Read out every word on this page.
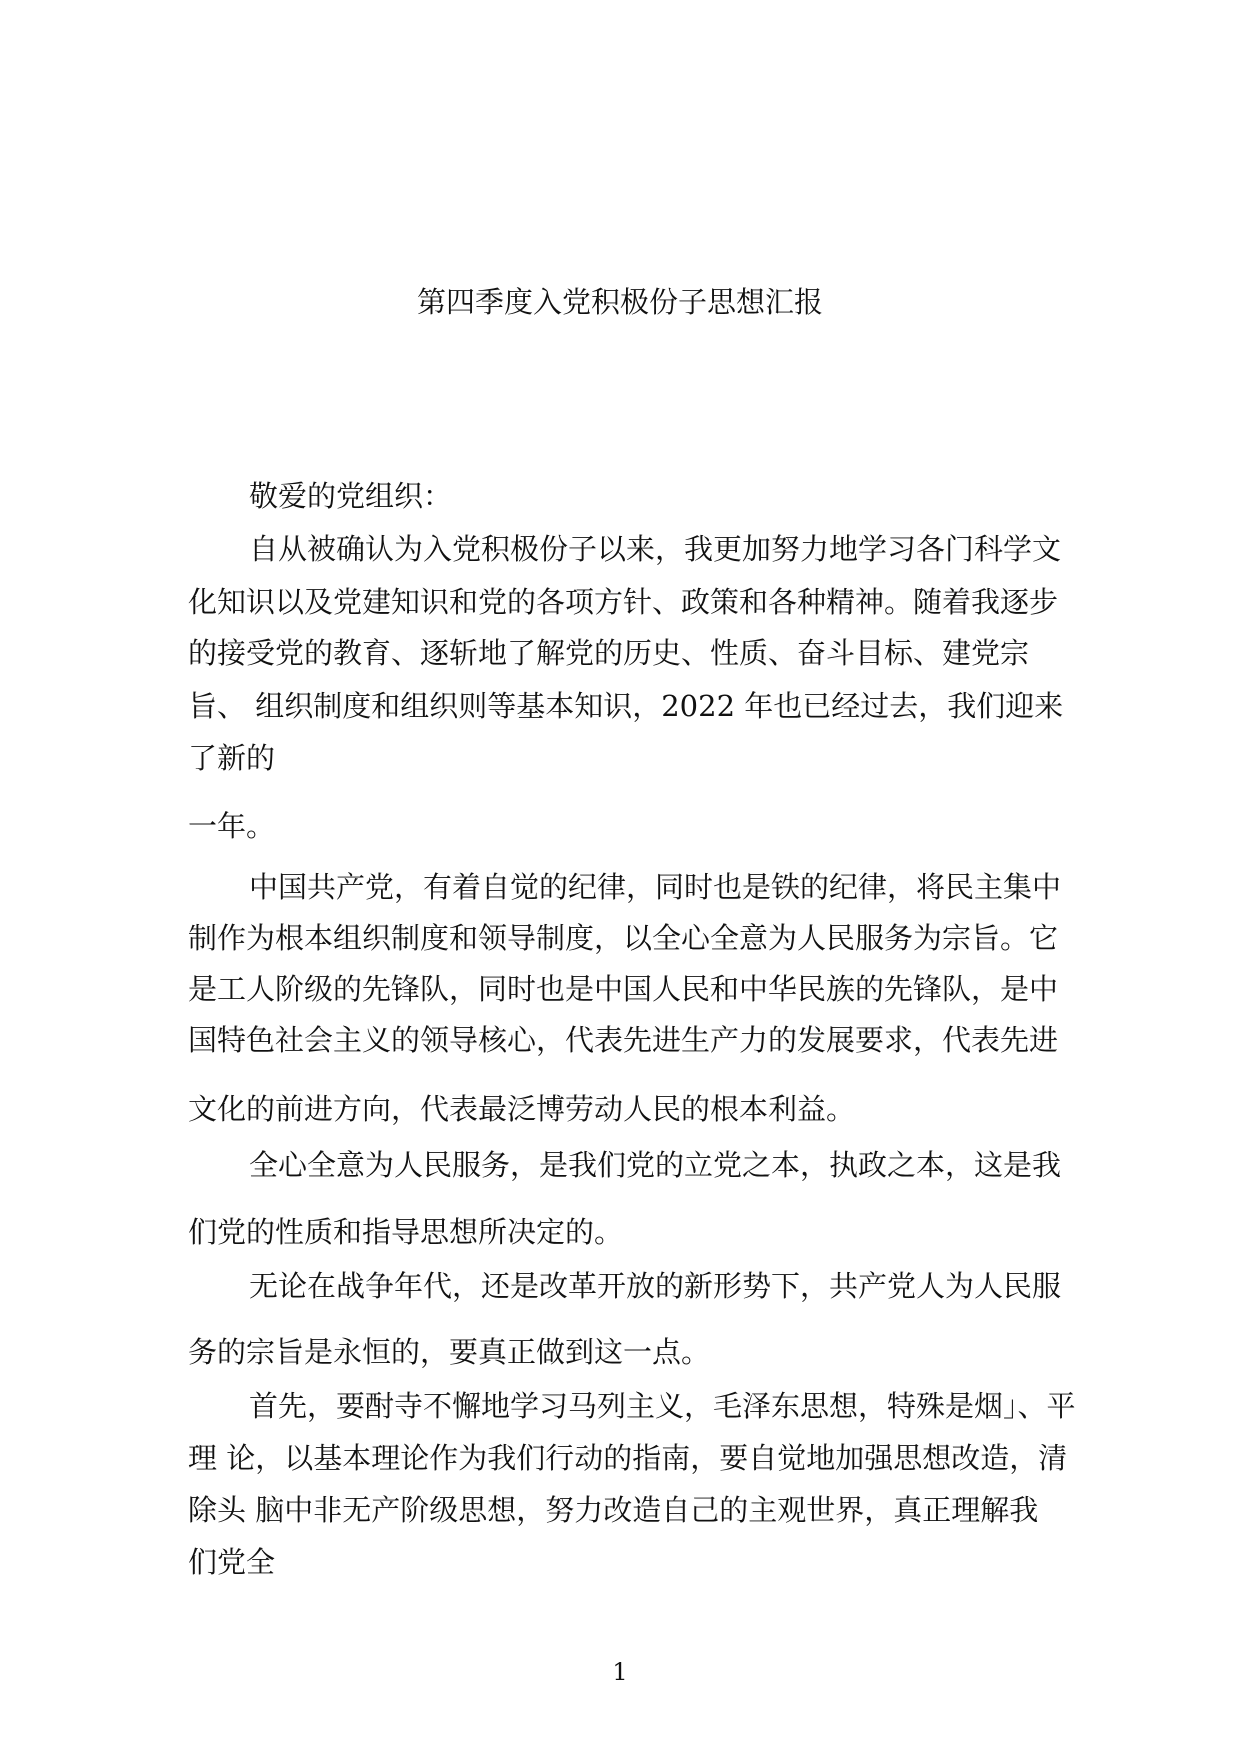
第四季度入党积极份子思想汇报
敬爱的党组织：
自从被确认为入党积极份子以来，我更加努力地学习各门科学文
化知识以及党建知识和党的各项方针、政策和各种精神。随着我逐步
的接受党的教育、逐斩地了解党的历史、性质、奋斗目标、建党宗
旨、 组织制度和组织则等基本知识，2022 年也已经过去，我们迎来
了新的
一年。
中国共产党，有着自觉的纪律，同时也是铁的纪律，将民主集中
制作为根本组织制度和领导制度，以全心全意为人民服务为宗旨。它
是工人阶级的先锋队，同时也是中国人民和中华民族的先锋队，是中
国特色社会主义的领导核心，代表先进生产力的发展要求，代表先进
文化的前进方向，代表最泛博劳动人民的根本利益。
全心全意为人民服务，是我们党的立党之本，执政之本，这是我
们党的性质和指导思想所决定的。
无论在战争年代，还是改革开放的新形势下，共产党人为人民服
务的宗旨是永恒的，要真正做到这一点。
首先，要酎寺不懈地学习马列主义，毛泽东思想，特殊是烟」、平
理 论，以基本理论作为我们行动的指南，要自觉地加强思想改造，清
除头 脑中非无产阶级思想，努力改造自己的主观世界，真正理解我
们党全
1
